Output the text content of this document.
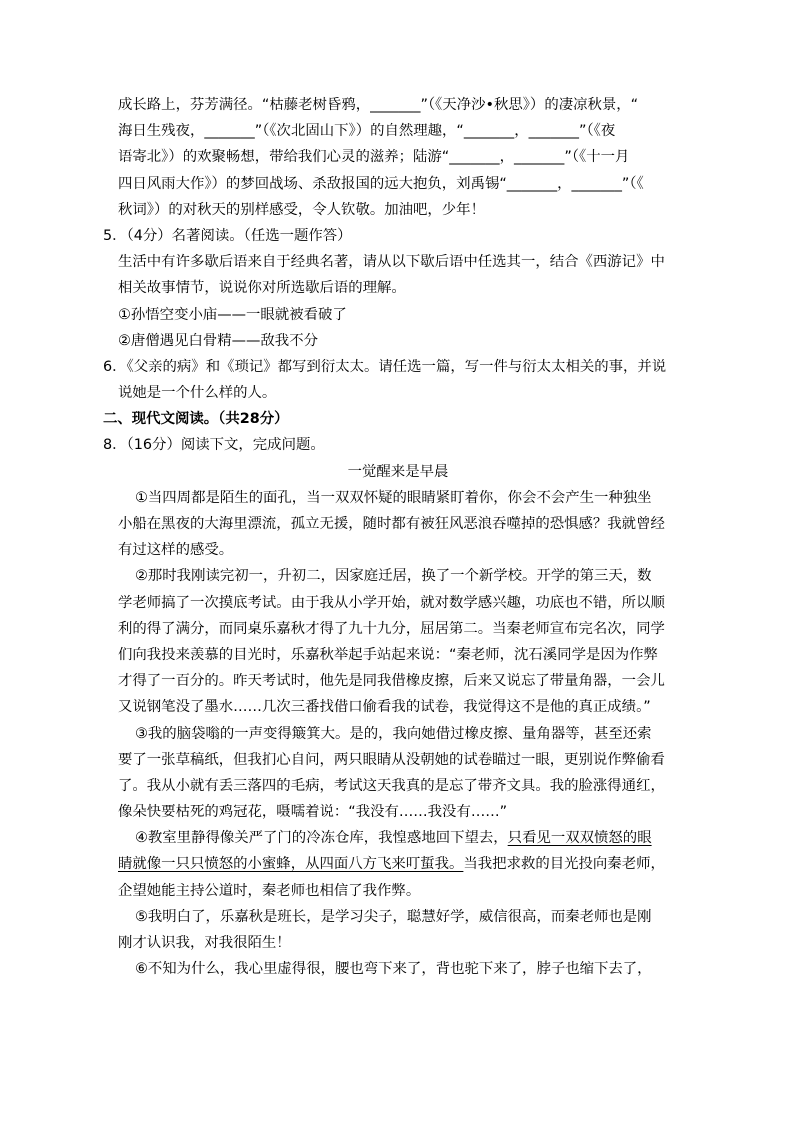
成长路上，芬芳满径。“枯藤老树昏鸦，_______”（《天净沙•秋思》）的凄凉秋景，“
海日生残夜，_______”（《次北固山下》）的自然理趣，“_______，_______”（《夜
语寄北》）的欢聚畅想，带给我们心灵的滋养；陆游“_______，_______”（《十一月
四日风雨大作》）的梦回战场、杀敌报国的远大抱负，刘禹锡“_______，_______”（《
秋词》）的对秋天的别样感受，令人钦敬。加油吧，少年！
5．（4分）名著阅读。（任选一题作答）
生活中有许多歇后语来自于经典名著，请从以下歇后语中任选其一，结合《西游记》中
相关故事情节，说说你对所选歇后语的理解。
①孙悟空变小庙——一眼就被看破了
②唐僧遇见白骨精——敌我不分
6．《父亲的病》和《琐记》都写到衍太太。请任选一篇，写一件与衍太太相关的事，并说
说她是一个什么样的人。
二、现代文阅读。（共28分）
8．（16分）阅读下文，完成问题。
一觉醒来是早晨
①当四周都是陌生的面孔，当一双双怀疑的眼睛紧盯着你，你会不会产生一种独坐
小船在黑夜的大海里漂流，孤立无援，随时都有被狂风恶浪吞噬掉的恐惧感？我就曾经
有过这样的感受。
②那时我刚读完初一，升初二，因家庭迁居，换了一个新学校。开学的第三天，数
学老师搞了一次摸底考试。由于我从小学开始，就对数学感兴趣，功底也不错，所以顺
利的得了满分，而同桌乐嘉秋才得了九十九分，屈居第二。当秦老师宣布完名次，同学
们向我投来羡慕的目光时，乐嘉秋举起手站起来说：“秦老师，沈石溪同学是因为作弊
才得了一百分的。昨天考试时，他先是同我借橡皮擦，后来又说忘了带量角器，一会儿
又说钢笔没了墨水……几次三番找借口偷看我的试卷，我觉得这不是他的真正成绩。”
③我的脑袋嗡的一声变得簸箕大。是的，我向她借过橡皮擦、量角器等，甚至还索
要了一张草稿纸，但我扪心自问，两只眼睛从没朝她的试卷瞄过一眼，更别说作弊偷看
了。我从小就有丢三落四的毛病，考试这天我真的是忘了带齐文具。我的脸涨得通红，
像朵快要枯死的鸡冠花，嗫嚅着说：“我没有……我没有……”
④教室里静得像关严了门的冷冻仓库，我惶惑地回下望去，只看见一双双愤怒的眼
睛就像一只只愤怒的小蜜蜂，从四面八方飞来叮蜇我。当我把求救的目光投向秦老师，
企望她能主持公道时，秦老师也相信了我作弊。
⑤我明白了，乐嘉秋是班长，是学习尖子，聪慧好学，威信很高，而秦老师也是刚
刚才认识我，对我很陌生！
⑥不知为什么，我心里虚得很，腰也弯下来了，背也驼下来了，脖子也缩下去了，
